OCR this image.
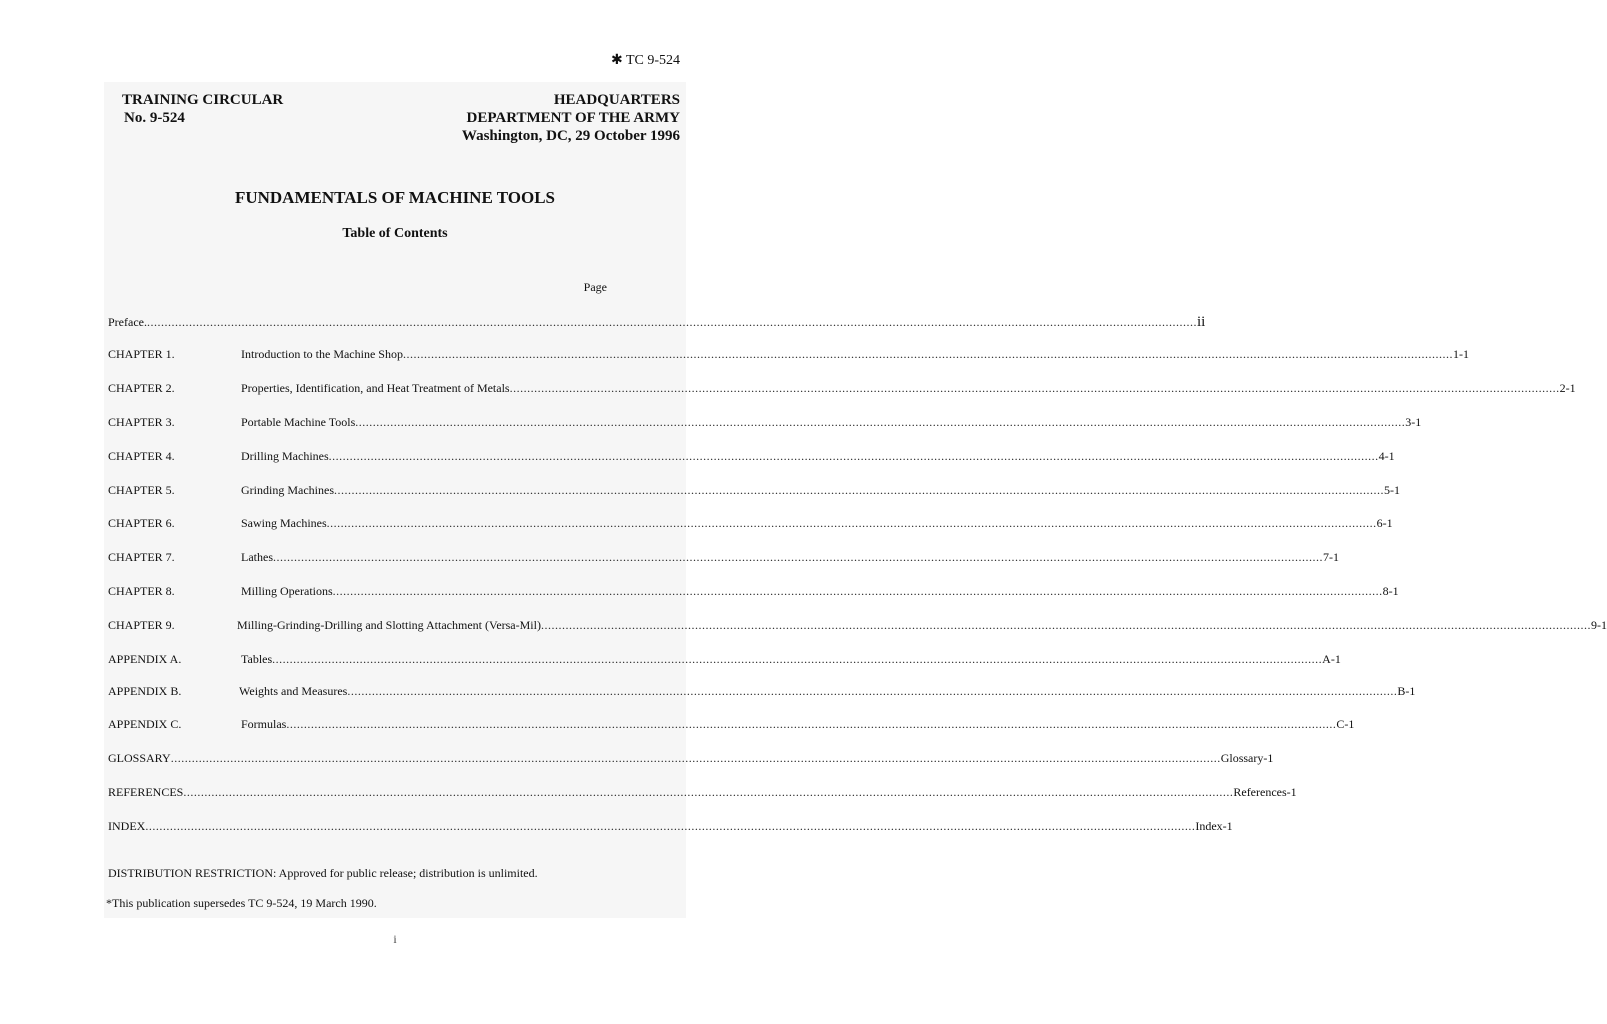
✱ TC 9-524
TRAINING CIRCULAR
No. 9-524
HEADQUARTERS
DEPARTMENT OF THE ARMY
Washington, DC, 29 October 1996
FUNDAMENTALS OF MACHINE TOOLS
Table of Contents
Page
Preface. ............................................................................................................................................................................................................................................................................................................ ii
CHAPTER 1.	Introduction to the Machine Shop ............................................................................................................................................................................................................................................................................................................ 1-1
CHAPTER 2.	Properties, Identification, and Heat Treatment of Metals ............................................................................................................................................................................................................................................................................................................ 2-1
CHAPTER 3.	Portable Machine Tools ............................................................................................................................................................................................................................................................................................................ 3-1
CHAPTER 4.	Drilling Machines ............................................................................................................................................................................................................................................................................................................ 4-1
CHAPTER 5.	Grinding Machines ............................................................................................................................................................................................................................................................................................................ 5-1
CHAPTER 6.	Sawing Machines ............................................................................................................................................................................................................................................................................................................ 6-1
CHAPTER 7.	Lathes ............................................................................................................................................................................................................................................................................................................ 7-1
CHAPTER 8.	Milling Operations ............................................................................................................................................................................................................................................................................................................ 8-1
CHAPTER 9.	Milling-Grinding-Drilling and Slotting Attachment (Versa-Mil) ............................................................................................................................................................................................................................................................................................................ 9-1
APPENDIX A.	Tables ............................................................................................................................................................................................................................................................................................................ A-1
APPENDIX B.	Weights and Measures ............................................................................................................................................................................................................................................................................................................ B-1
APPENDIX C.	Formulas ............................................................................................................................................................................................................................................................................................................ C-1
GLOSSARY ............................................................................................................................................................................................................................................................................................................ Glossary-1
REFERENCES ............................................................................................................................................................................................................................................................................................................ References-1
INDEX ............................................................................................................................................................................................................................................................................................................ Index-1
DISTRIBUTION RESTRICTION: Approved for public release; distribution is unlimited.
*This publication supersedes TC 9-524, 19 March 1990.
i
